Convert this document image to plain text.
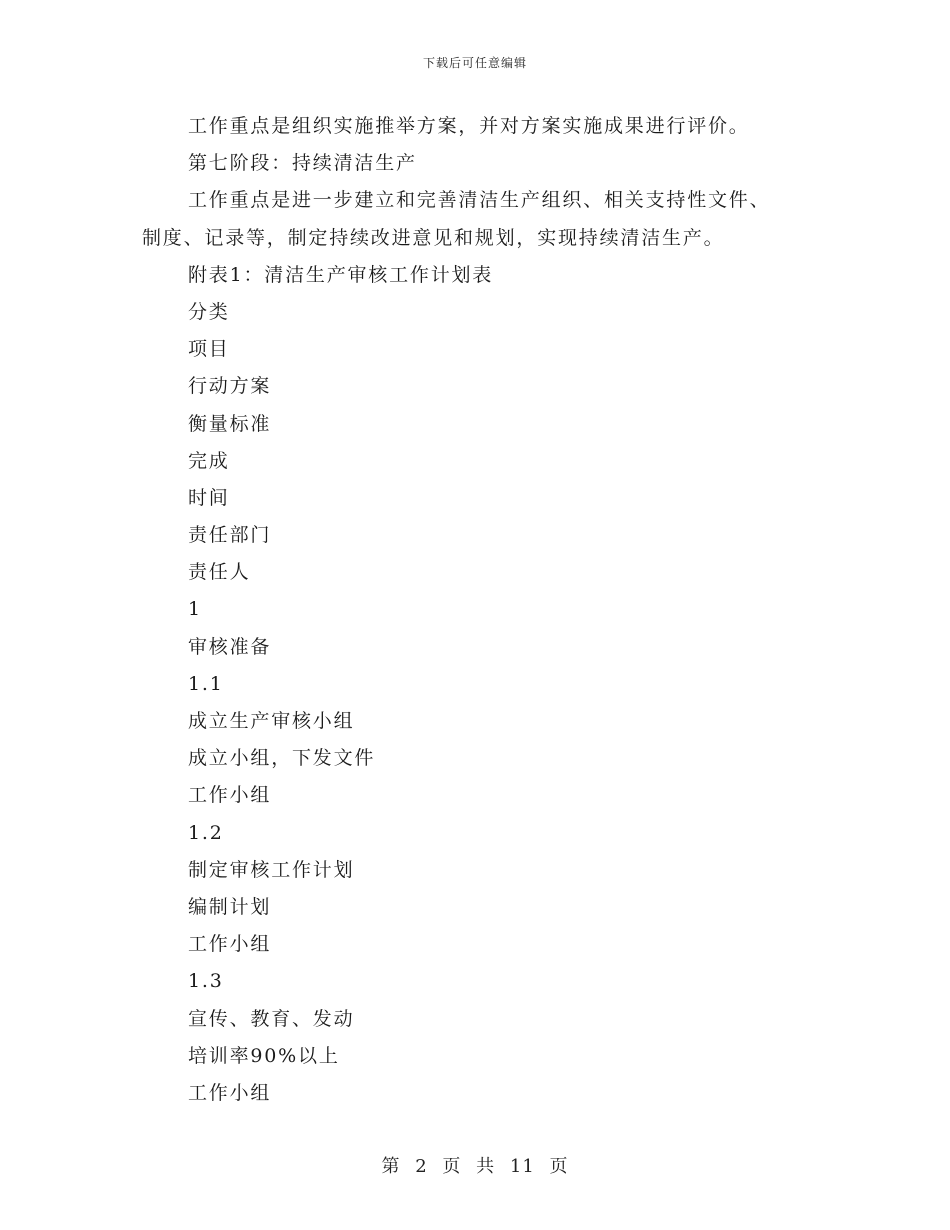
下载后可任意编辑
工作重点是组织实施推举方案，并对方案实施成果进行评价。
第七阶段：持续清洁生产
工作重点是进一步建立和完善清洁生产组织、相关支持性文件、
制度、记录等，制定持续改进意见和规划，实现持续清洁生产。
附表1：清洁生产审核工作计划表
分类
项目
行动方案
衡量标准
完成
时间
责任部门
责任人
1
审核准备
1.1
成立生产审核小组
成立小组，下发文件
工作小组
1.2
制定审核工作计划
编制计划
工作小组
1.3
宣传、教育、发动
培训率90%以上
工作小组
第 2 页 共 11 页
